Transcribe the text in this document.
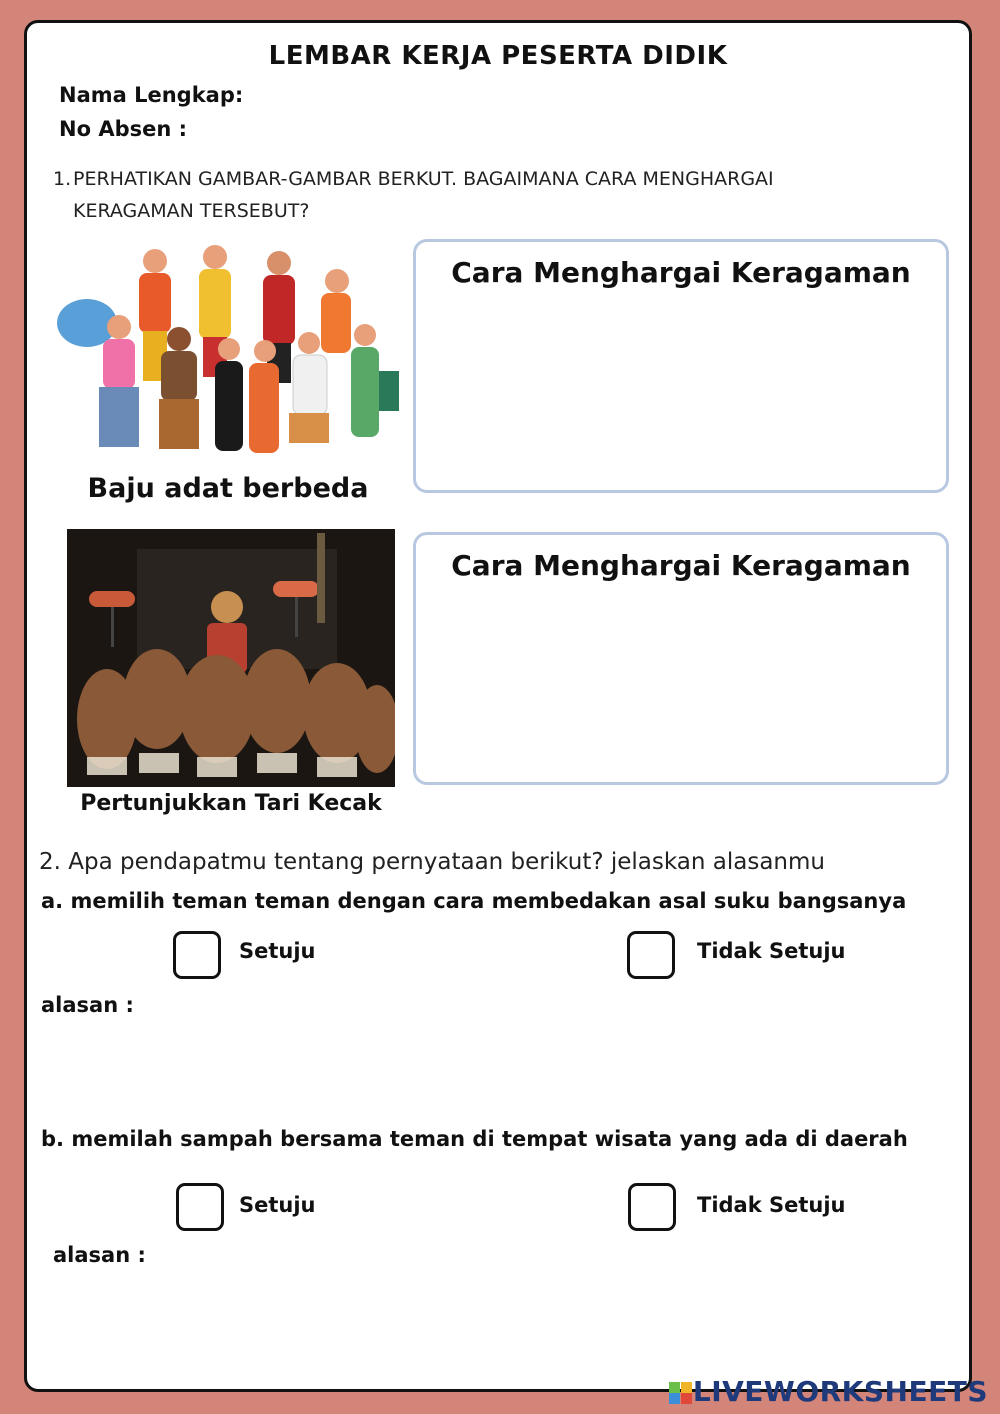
LEMBAR KERJA PESERTA DIDIK
Nama Lengkap:
No Absen :
1. PERHATIKAN GAMBAR-GAMBAR BERKUT. BAGAIMANA CARA MENGHARGAI
KERAGAMAN TERSEBUT?
Baju adat berbeda
Cara Menghargai Keragaman
Pertunjukkan Tari Kecak
Cara Menghargai Keragaman
2. Apa pendapatmu tentang pernyataan berikut? jelaskan alasanmu
a. memilih teman teman dengan cara membedakan asal suku bangsanya
Setuju	Tidak Setuju
alasan :
b. memilah sampah bersama teman di tempat wisata yang ada di daerah
Setuju	Tidak Setuju
alasan :

LIVEWORKSHEETS
